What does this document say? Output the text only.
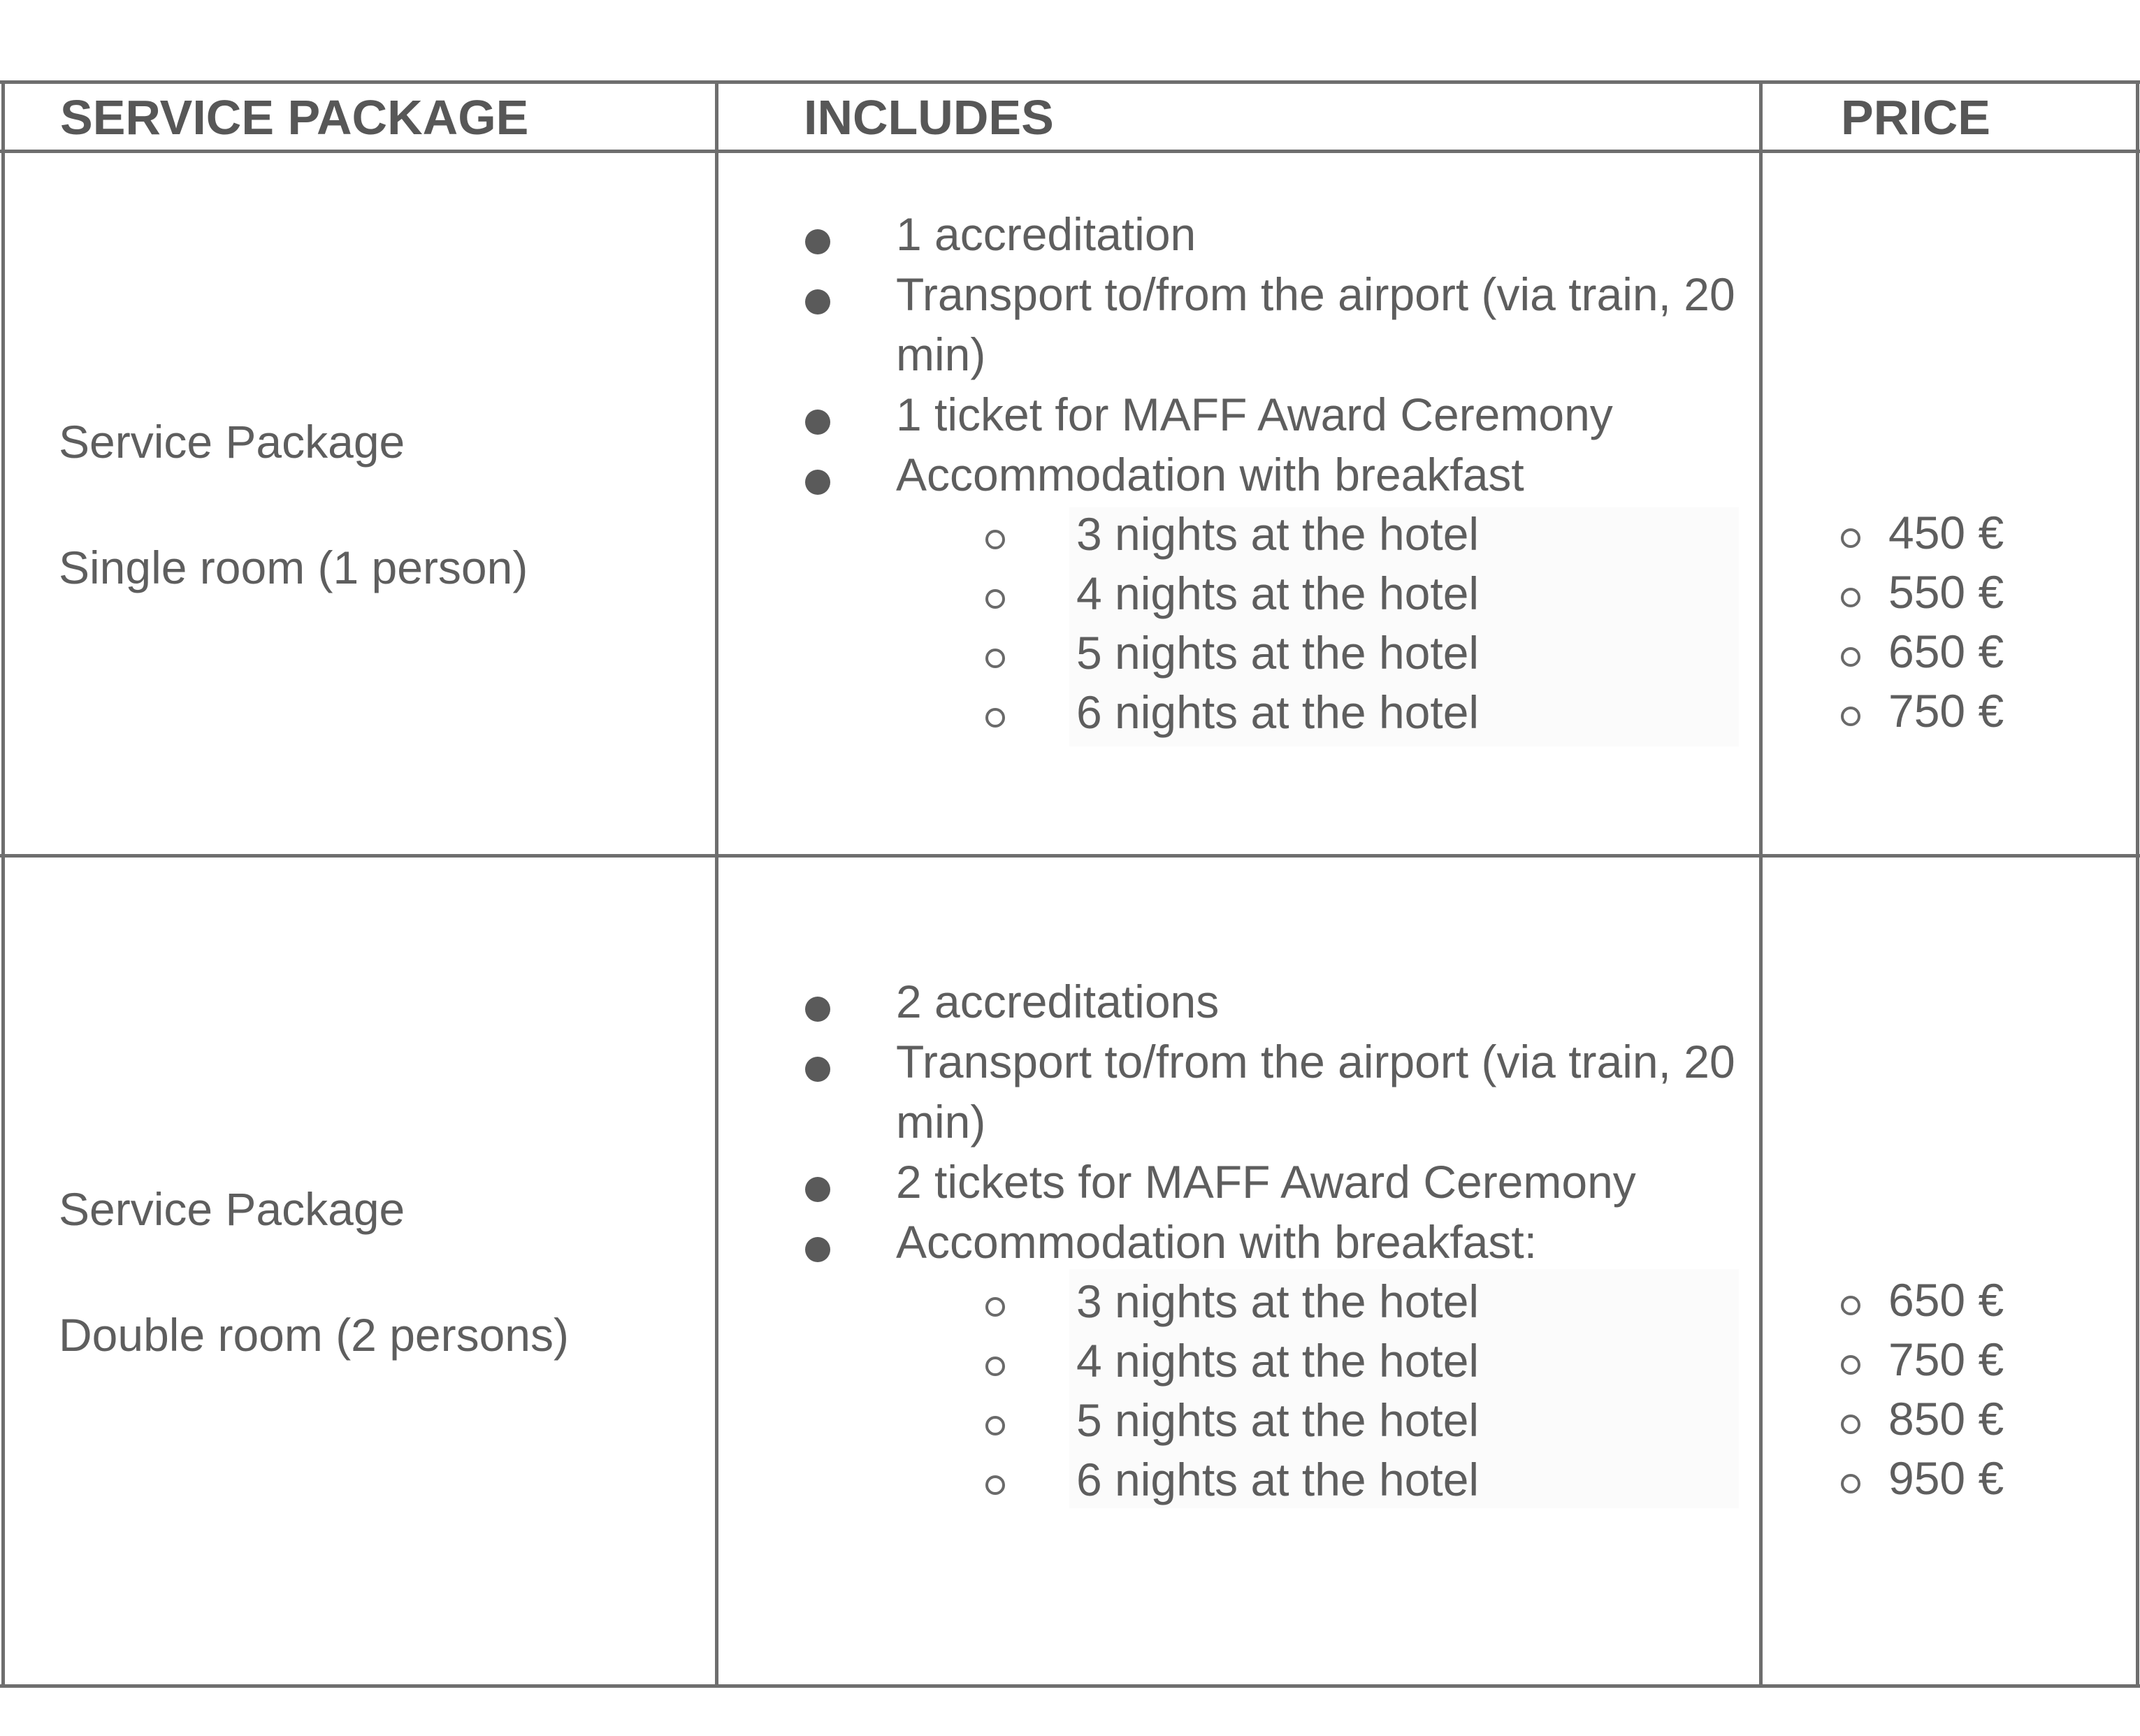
SERVICE PACKAGE	INCLUDES	PRICE
Service Package
Single room (1 person)
1 accreditation
Transport to/from the airport (via train, 20 min)
1 ticket for MAFF Award Ceremony
Accommodation with breakfast
3 nights at the hotel
4 nights at the hotel
5 nights at the hotel
6 nights at the hotel
450 €
550 €
650 €
750 €
Service Package
Double room (2 persons)
2 accreditations
Transport to/from the airport (via train, 20 min)
2 tickets for MAFF Award Ceremony
Accommodation with breakfast:
3 nights at the hotel
4 nights at the hotel
5 nights at the hotel
6 nights at the hotel
650 €
750 €
850 €
950 €
